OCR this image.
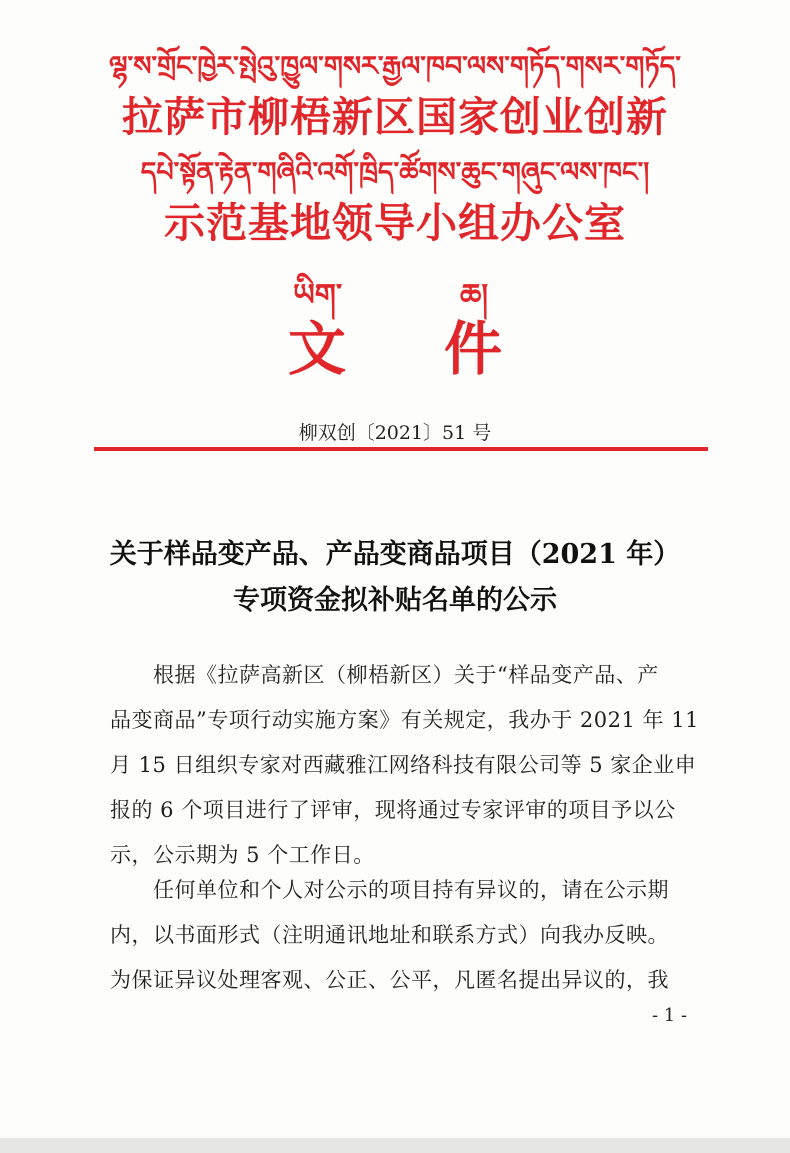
ལྷ་ས་གྲོང་ཁྱེར་སྤེའུ་ཁྱུལ་གསར་རྒྱལ་ཁབ་ལས་གཏོད་གསར་གཏོད་
拉萨市柳梧新区国家创业创新
དཔེ་སྟོན་རྟེན་གཞིའི་འགོ་ཁྲིད་ཚོགས་ཆུང་གཞུང་ལས་ཁང་།
示范基地领导小组办公室
ཡིག་	ཆ།
文 件
柳双创〔2021〕51 号
关于样品变产品、产品变商品项目（2021 年）
专项资金拟补贴名单的公示
根据《拉萨高新区（柳梧新区）关于“样品变产品、产
品变商品”专项行动实施方案》有关规定，我办于 2021 年 11
月 15 日组织专家对西藏雅江网络科技有限公司等 5 家企业申
报的 6 个项目进行了评审，现将通过专家评审的项目予以公
示，公示期为 5 个工作日。
任何单位和个人对公示的项目持有异议的，请在公示期
内，以书面形式（注明通讯地址和联系方式）向我办反映。
为保证异议处理客观、公正、公平，凡匿名提出异议的，我
- 1 -
